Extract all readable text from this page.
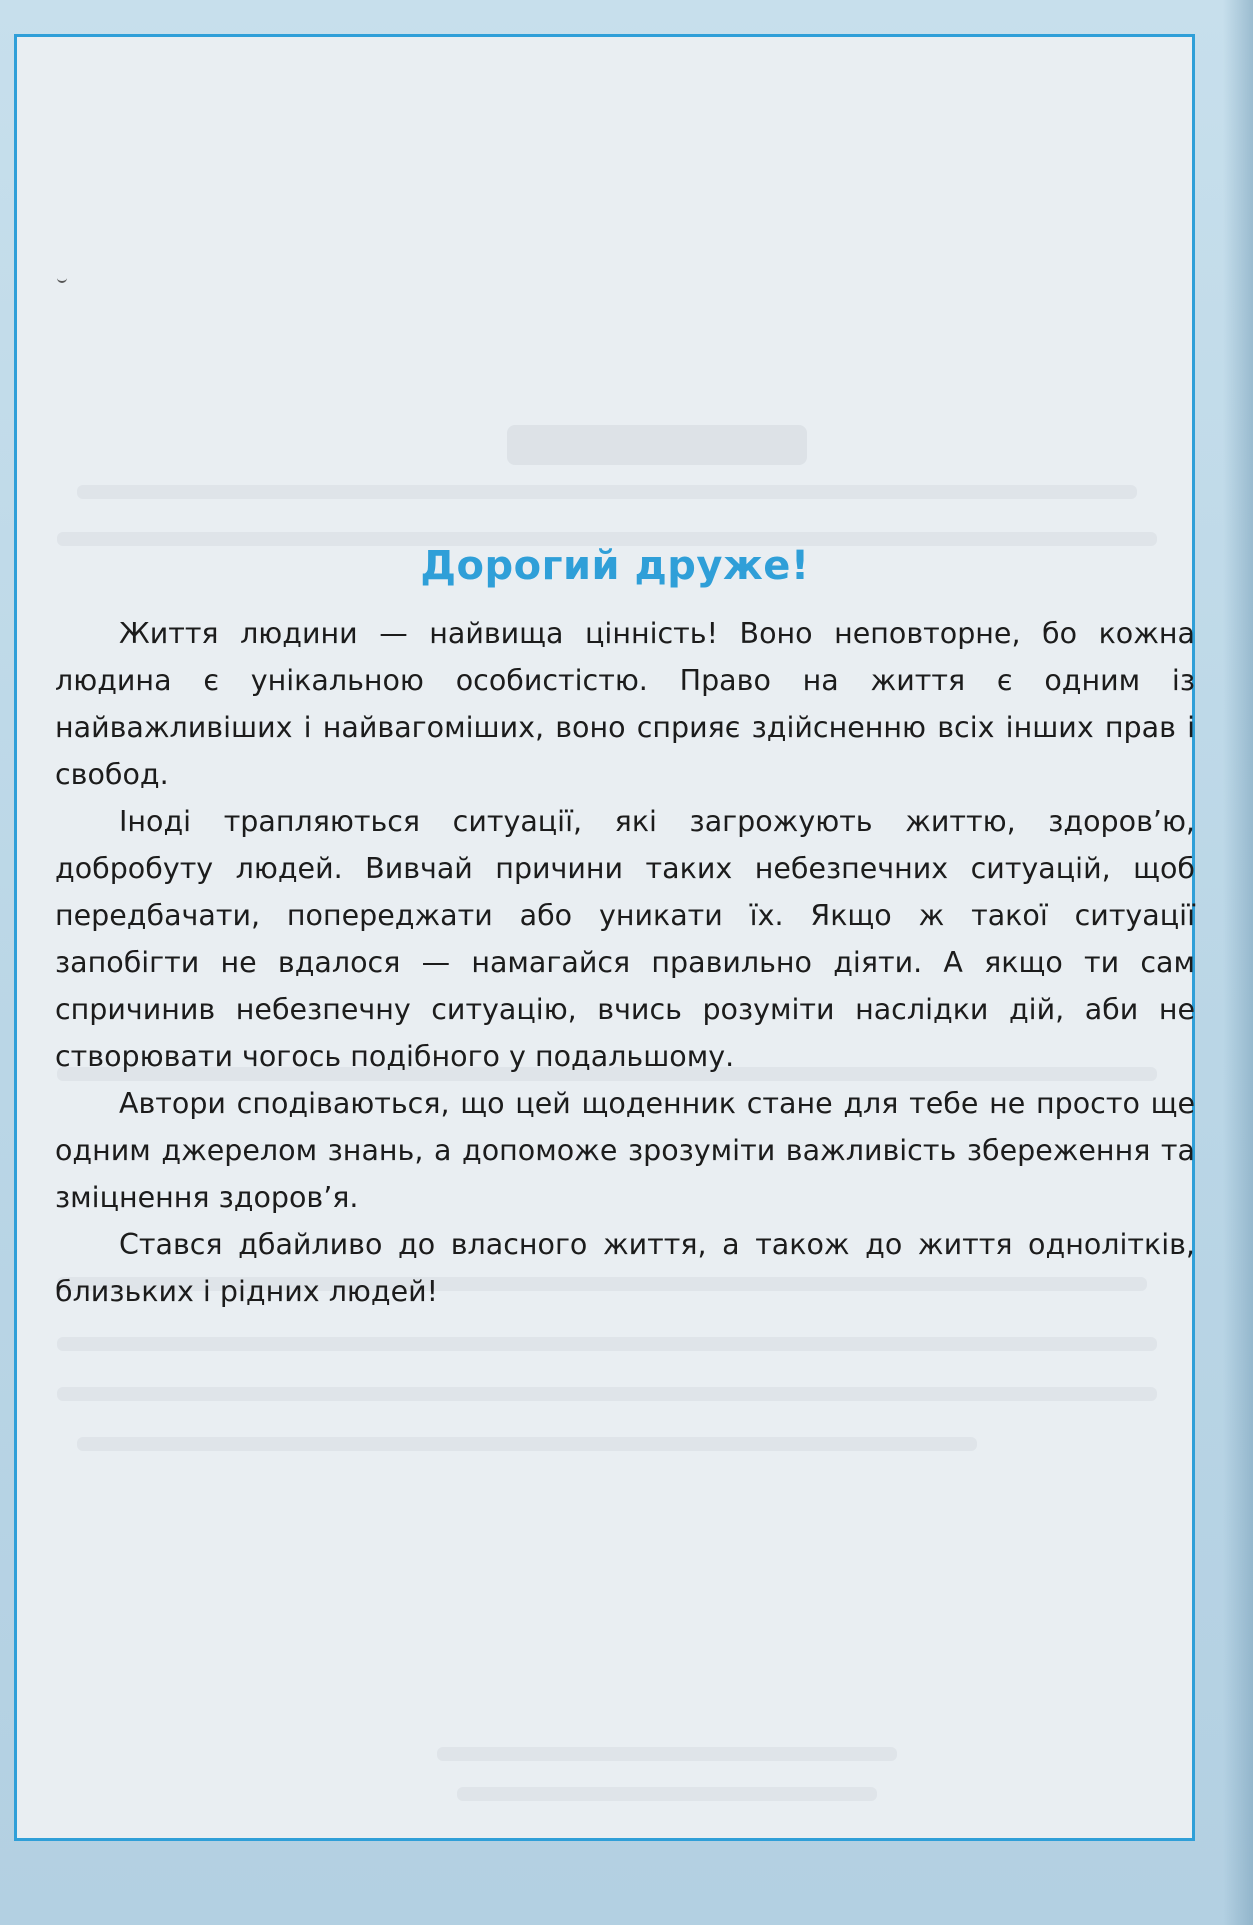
Дорогий друже!

Життя людини — найвища цінність! Воно неповторне, бо кожна людина є унікальною особистістю. Право на життя є одним із найважливіших і найвагоміших, воно сприяє здійсненню всіх інших прав і свобод.

Іноді трапляються ситуації, які загрожують життю, здоров’ю, добробуту людей. Вивчай причини таких небезпечних ситуацій, щоб передбачати, попереджати або уникати їх. Якщо ж такої ситуації запобігти не вдалося — намагайся правильно діяти. А якщо ти сам спричинив небезпечну ситуацію, вчись розуміти наслідки дій, аби не створювати чогось подібного у подальшому.

Автори сподіваються, що цей щоденник стане для тебе не просто ще одним джерелом знань, а допоможе зрозуміти важливість збереження та зміцнення здоров’я.

Стався дбайливо до власного життя, а також до життя однолітків, близьких і рідних людей!
